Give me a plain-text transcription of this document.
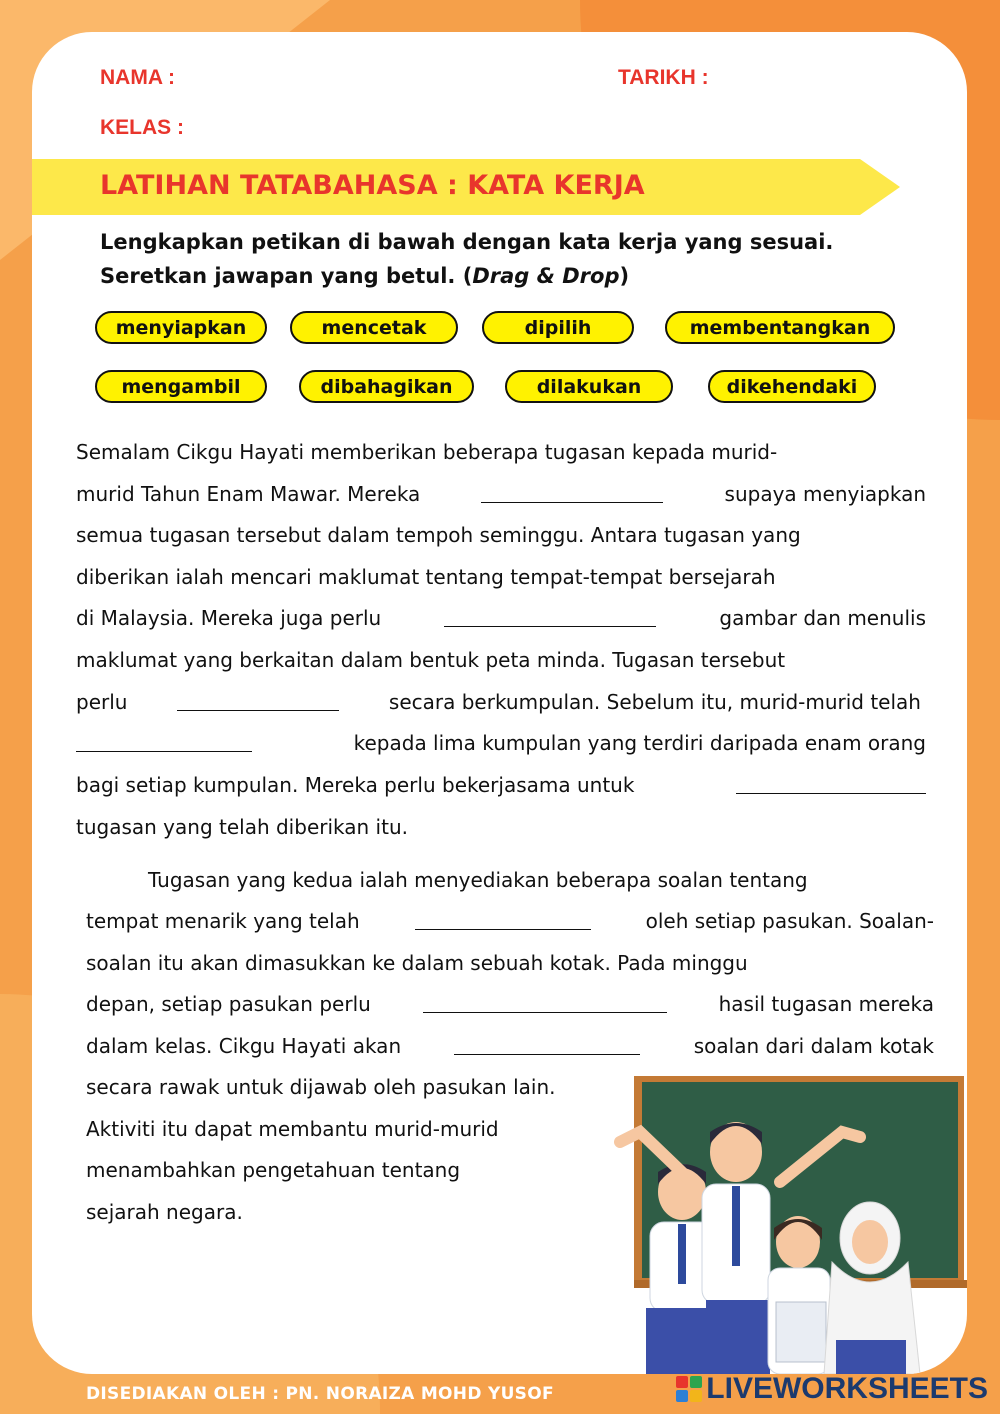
NAMA :	TARIKH :
KELAS :
LATIHAN TATABAHASA : KATA KERJA
Lengkapkan petikan di bawah dengan kata kerja yang sesuai.
Seretkan jawapan yang betul. (Drag & Drop)
menyiapkan	mencetak	dipilih	membentangkan
mengambil	dibahagikan	dilakukan	dikehendaki
Semalam Cikgu Hayati memberikan beberapa tugasan kepada murid-
murid Tahun Enam Mawar. Mereka	supaya menyiapkan
semua tugasan tersebut dalam tempoh seminggu. Antara tugasan yang
diberikan ialah mencari maklumat tentang tempat-tempat bersejarah
di Malaysia. Mereka juga perlu	gambar dan menulis
maklumat yang berkaitan dalam bentuk peta minda. Tugasan tersebut
perlu	secara berkumpulan. Sebelum itu, murid-murid telah
kepada lima kumpulan yang terdiri daripada enam orang
bagi setiap kumpulan. Mereka perlu bekerjasama untuk
tugasan yang telah diberikan itu.
Tugasan yang kedua ialah menyediakan beberapa soalan tentang
tempat menarik yang telah	oleh setiap pasukan. Soalan-
soalan itu akan dimasukkan ke dalam sebuah kotak. Pada minggu
depan, setiap pasukan perlu	hasil tugasan mereka
dalam kelas. Cikgu Hayati akan	soalan dari dalam kotak
secara rawak untuk dijawab oleh pasukan lain.
Aktiviti itu dapat membantu murid-murid
menambahkan pengetahuan tentang
sejarah negara.
DISEDIAKAN OLEH : PN. NORAIZA MOHD YUSOF	LIVEWORKSHEETS
